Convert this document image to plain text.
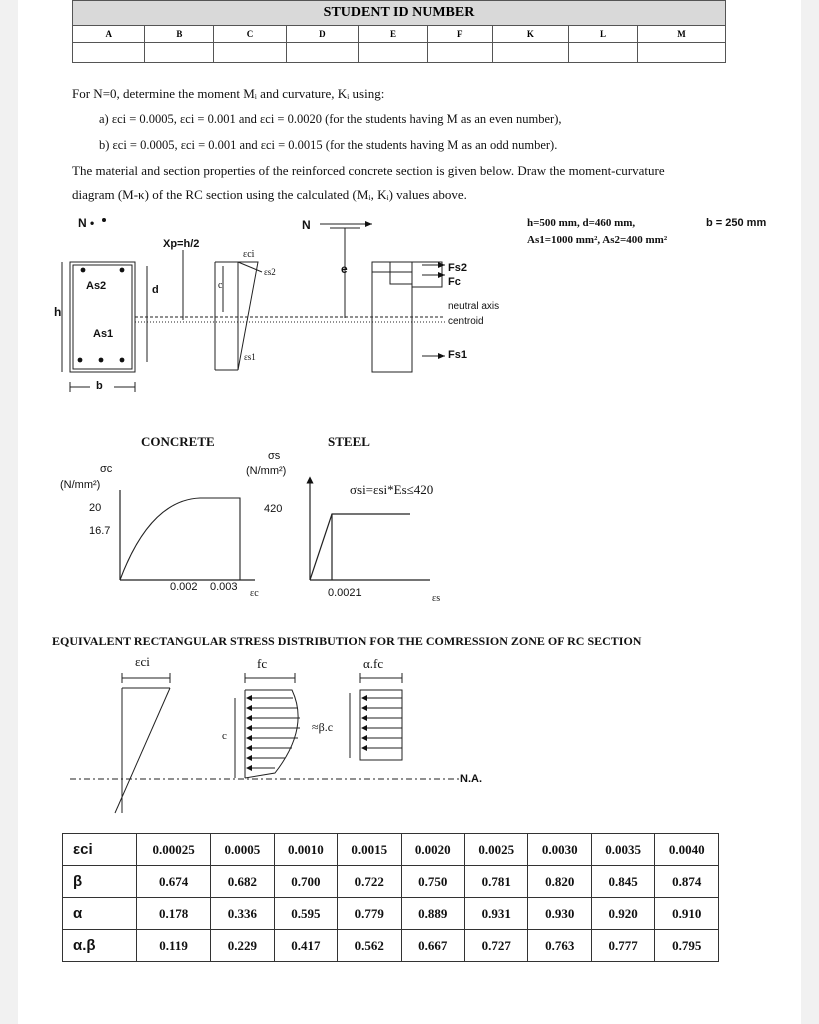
STUDENT ID NUMBER								
A	B	C	D	E	F	K	L	M

For N=0, determine the moment Mᵢ and curvature, Kᵢ using:
a) εci = 0.0005, εci = 0.001 and εci = 0.0020 (for the students having M as an even number),
b) εci = 0.0005, εci = 0.001 and εci = 0.0015 (for the students having M as an odd number).
The material and section properties of the reinforced concrete section is given below. Draw the moment-curvature
diagram (M-κ) of the RC section using the calculated (Mᵢ, Kᵢ) values above.
h=500 mm, d=460 mm,	b = 250 mm
As1=1000 mm², As2=400 mm²
N •	N
Xp=h/2
εci
εs2
εs1
c
e
d
h
b
As2
As1
Fs2
Fc
Fs1
neutral axis
centroid
CONCRETE	STEEL
σc
(N/mm²)
20
16.7
0.002 0.003
εc
σs
(N/mm²)
420
σsi=εsi*Es≤420
0.0021	εs
EQUIVALENT RECTANGULAR STRESS DISTRIBUTION FOR THE COMRESSION ZONE OF RC SECTION
εci	fc	α.fc
c
≈β.c
N.A.
εci	0.00025	0.0005	0.0010	0.0015	0.0020	0.0025	0.0030	0.0035	0.0040
β	0.674	0.682	0.700	0.722	0.750	0.781	0.820	0.845	0.874
α	0.178	0.336	0.595	0.779	0.889	0.931	0.930	0.920	0.910
α.β	0.119	0.229	0.417	0.562	0.667	0.727	0.763	0.777	0.795
